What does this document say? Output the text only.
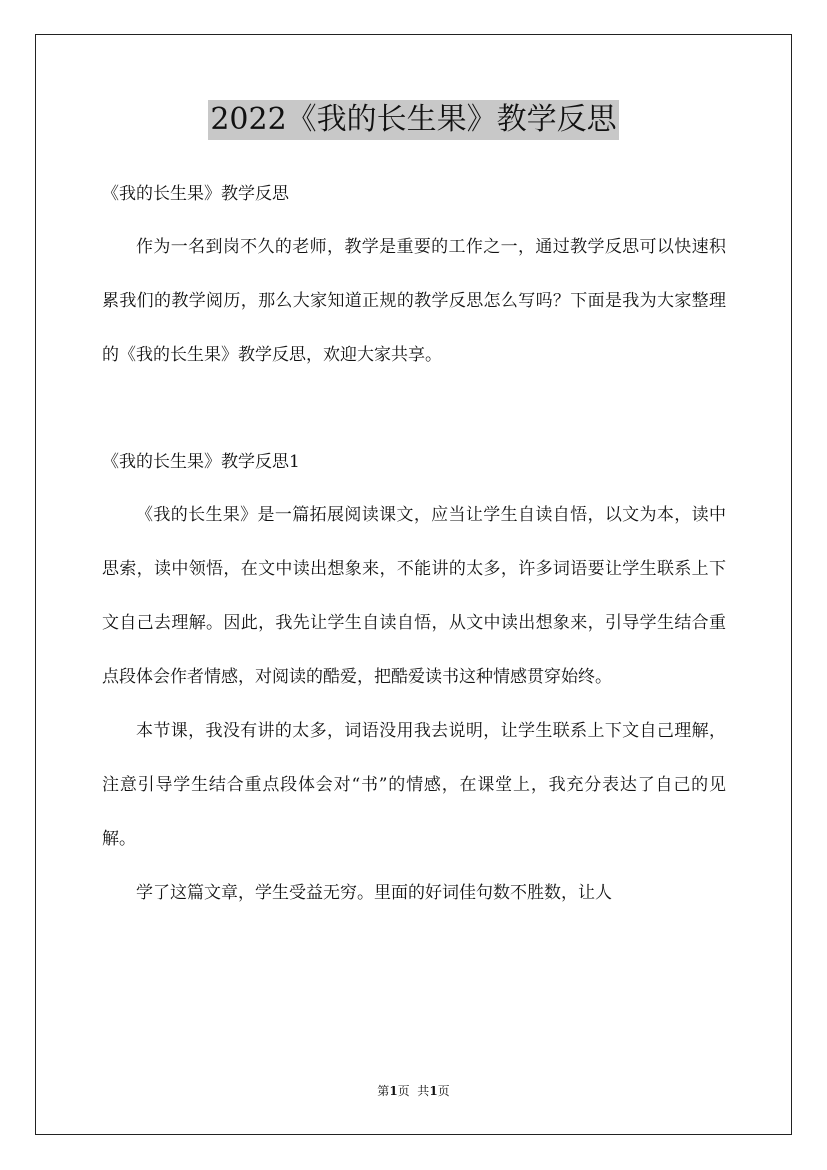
2022《我的长生果》教学反思

《我的长生果》教学反思

作为一名到岗不久的老师，教学是重要的工作之一，通过教学反思可以快速积累我们的教学阅历，那么大家知道正规的教学反思怎么写吗？下面是我为大家整理的《我的长生果》教学反思，欢迎大家共享。

《我的长生果》教学反思1

《我的长生果》是一篇拓展阅读课文，应当让学生自读自悟，以文为本，读中思索，读中领悟，在文中读出想象来，不能讲的太多，许多词语要让学生联系上下文自己去理解。因此，我先让学生自读自悟，从文中读出想象来，引导学生结合重点段体会作者情感，对阅读的酷爱，把酷爱读书这种情感贯穿始终。

本节课，我没有讲的太多，词语没用我去说明，让学生联系上下文自己理解，注意引导学生结合重点段体会对“书”的情感，在课堂上，我充分表达了自己的见解。

学了这篇文章，学生受益无穷。里面的好词佳句数不胜数，让人

第1页  共1页
